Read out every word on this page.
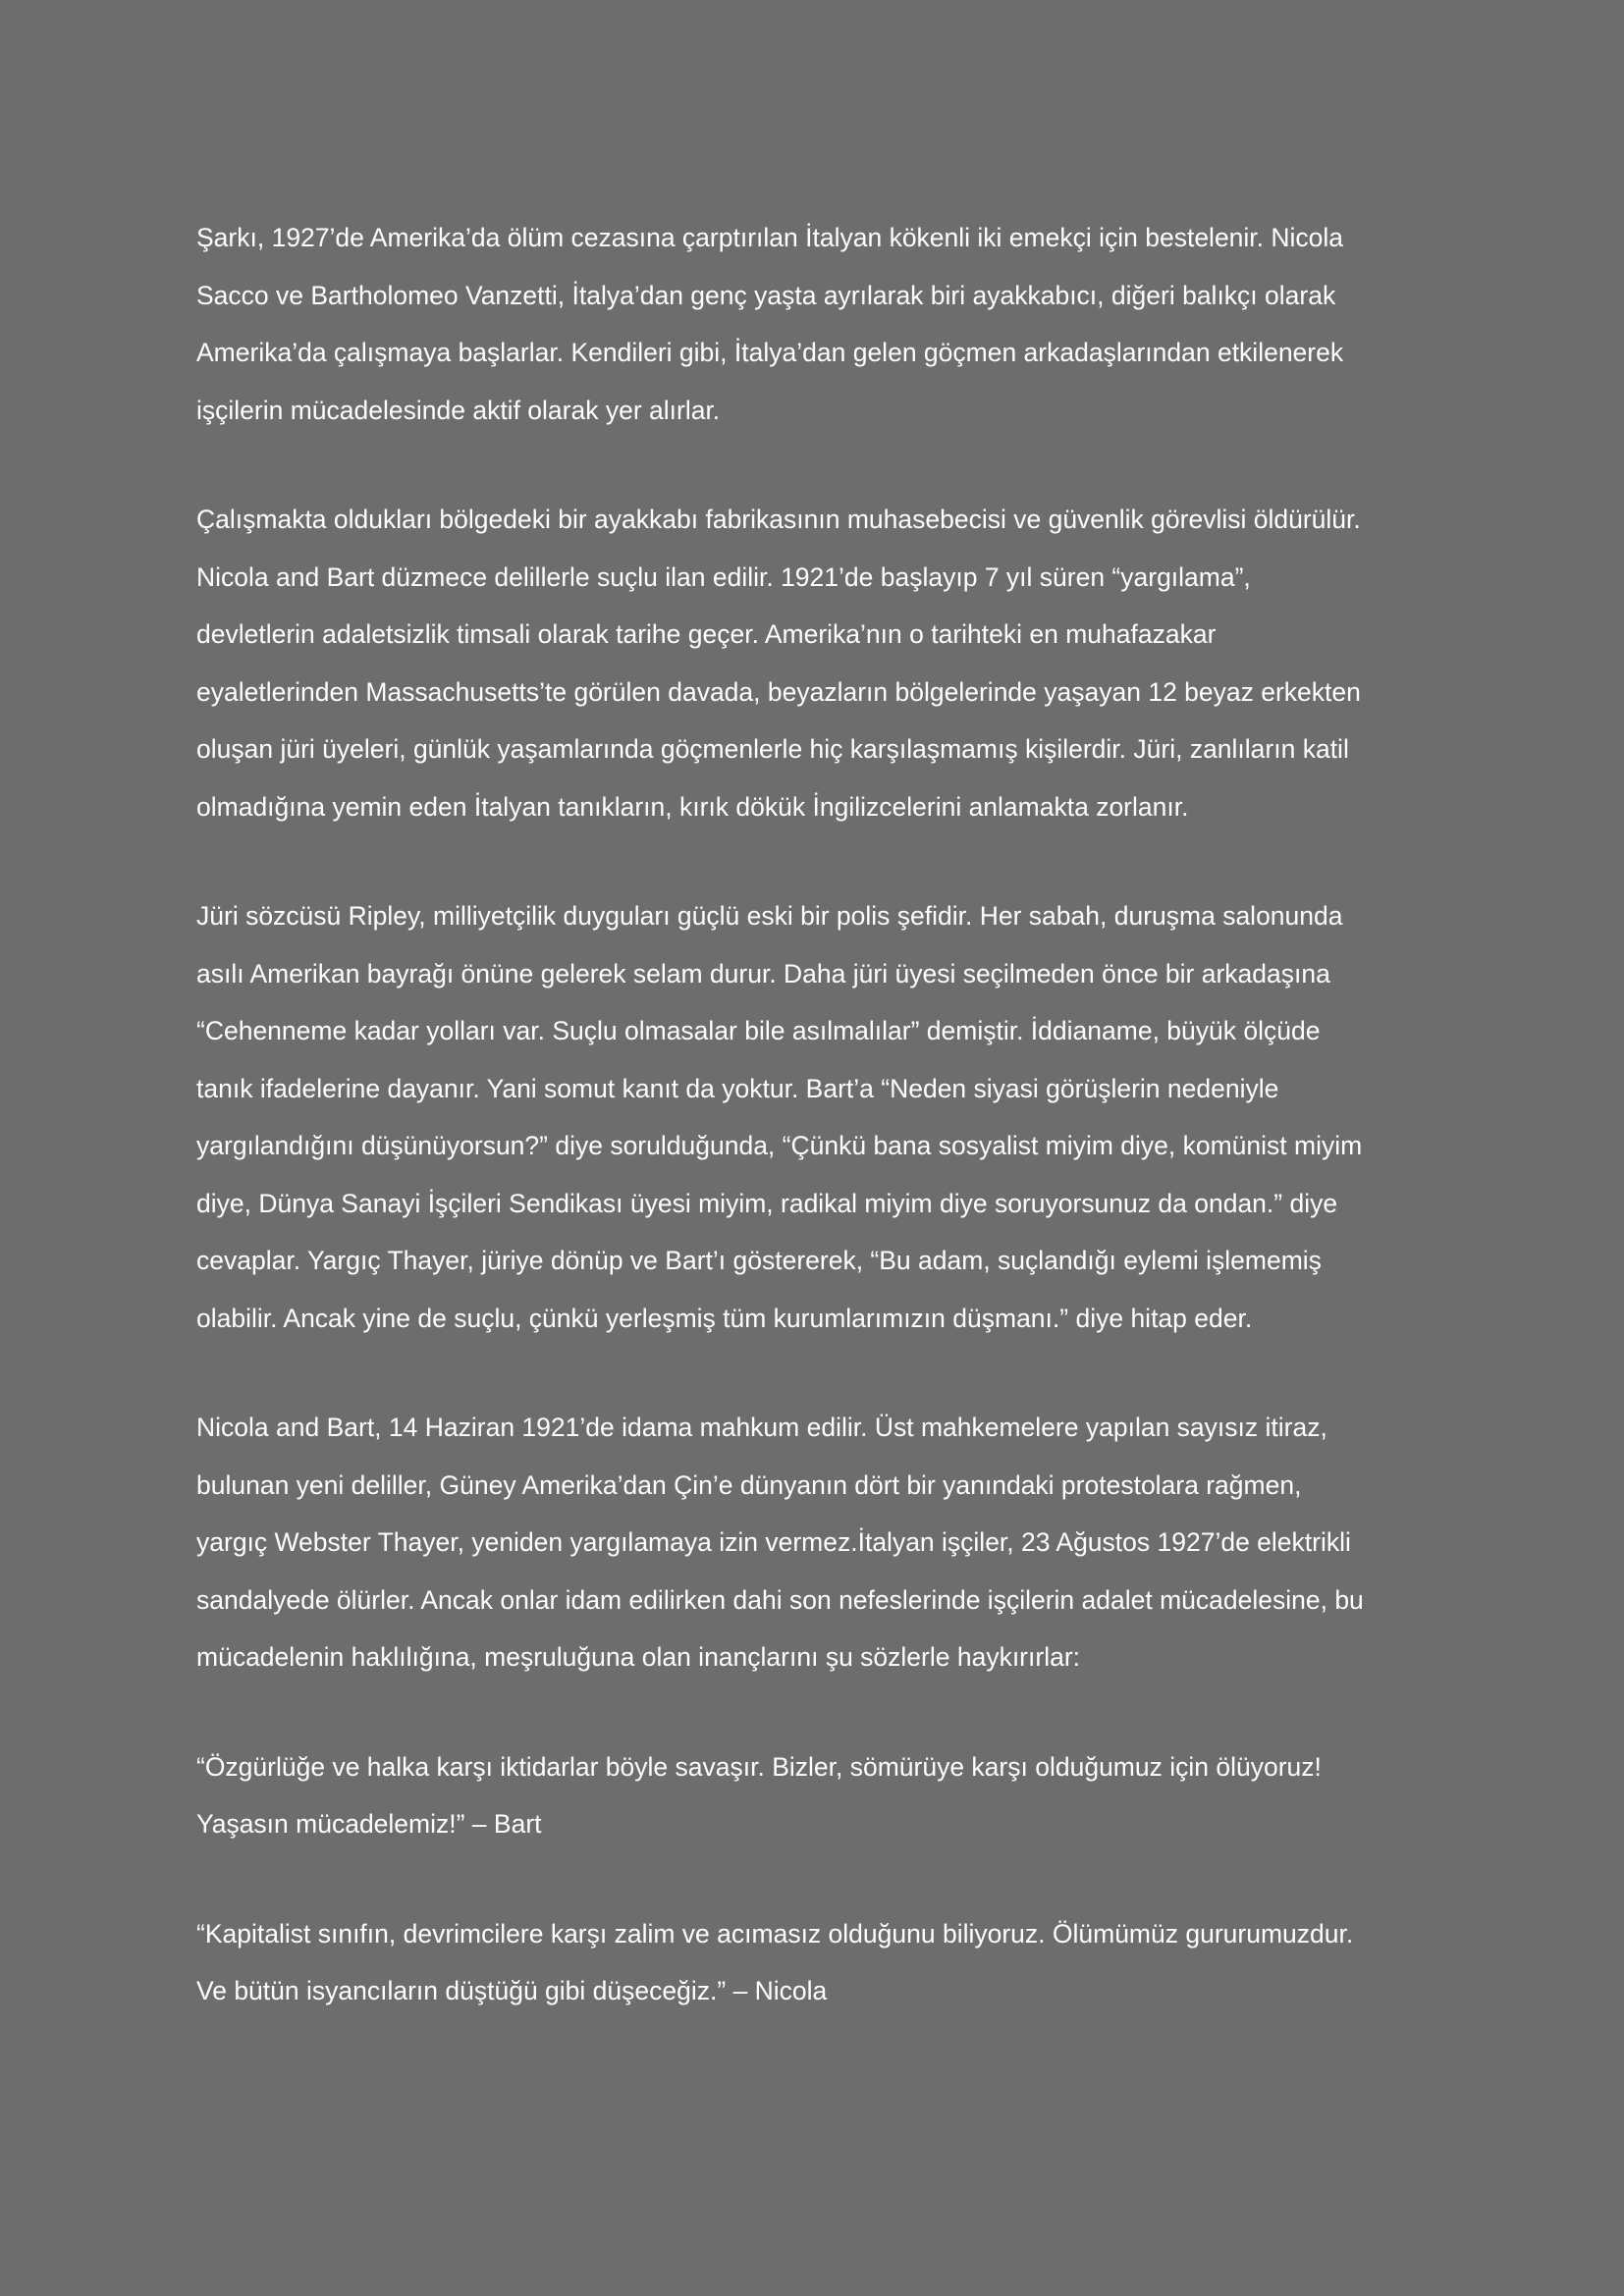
Şarkı, 1927’de Amerika’da ölüm cezasına çarptırılan İtalyan kökenli iki emekçi için bestelenir. Nicola
Sacco ve Bartholomeo Vanzetti, İtalya’dan genç yaşta ayrılarak biri ayakkabıcı, diğeri balıkçı olarak
Amerika’da çalışmaya başlarlar. Kendileri gibi, İtalya’dan gelen göçmen arkadaşlarından etkilenerek
işçilerin mücadelesinde aktif olarak yer alırlar.

Çalışmakta oldukları bölgedeki bir ayakkabı fabrikasının muhasebecisi ve güvenlik görevlisi öldürülür.
Nicola and Bart düzmece delillerle suçlu ilan edilir. 1921’de başlayıp 7 yıl süren “yargılama”,
devletlerin adaletsizlik timsali olarak tarihe geçer. Amerika’nın o tarihteki en muhafazakar
eyaletlerinden Massachusetts’te görülen davada, beyazların bölgelerinde yaşayan 12 beyaz erkekten
oluşan jüri üyeleri, günlük yaşamlarında göçmenlerle hiç karşılaşmamış kişilerdir. Jüri, zanlıların katil
olmadığına yemin eden İtalyan tanıkların, kırık dökük İngilizcelerini anlamakta zorlanır.

Jüri sözcüsü Ripley, milliyetçilik duyguları güçlü eski bir polis şefidir. Her sabah, duruşma salonunda
asılı Amerikan bayrağı önüne gelerek selam durur. Daha jüri üyesi seçilmeden önce bir arkadaşına
“Cehenneme kadar yolları var. Suçlu olmasalar bile asılmalılar” demiştir. İddianame, büyük ölçüde
tanık ifadelerine dayanır. Yani somut kanıt da yoktur. Bart’a “Neden siyasi görüşlerin nedeniyle
yargılandığını düşünüyorsun?” diye sorulduğunda, “Çünkü bana sosyalist miyim diye, komünist miyim
diye, Dünya Sanayi İşçileri Sendikası üyesi miyim, radikal miyim diye soruyorsunuz da ondan.” diye
cevaplar. Yargıç Thayer, jüriye dönüp ve Bart’ı göstererek, “Bu adam, suçlandığı eylemi işlememiş
olabilir. Ancak yine de suçlu, çünkü yerleşmiş tüm kurumlarımızın düşmanı.” diye hitap eder.

Nicola and Bart, 14 Haziran 1921’de idama mahkum edilir. Üst mahkemelere yapılan sayısız itiraz,
bulunan yeni deliller, Güney Amerika’dan Çin’e dünyanın dört bir yanındaki protestolara rağmen,
yargıç Webster Thayer, yeniden yargılamaya izin vermez.İtalyan işçiler, 23 Ağustos 1927’de elektrikli
sandalyede ölürler. Ancak onlar idam edilirken dahi son nefeslerinde işçilerin adalet mücadelesine, bu
mücadelenin haklılığına, meşruluğuna olan inançlarını şu sözlerle haykırırlar:

“Özgürlüğe ve halka karşı iktidarlar böyle savaşır. Bizler, sömürüye karşı olduğumuz için ölüyoruz!
Yaşasın mücadelemiz!” – Bart

“Kapitalist sınıfın, devrimcilere karşı zalim ve acımasız olduğunu biliyoruz. Ölümümüz gururumuzdur.
Ve bütün isyancıların düştüğü gibi düşeceğiz.” – Nicola
